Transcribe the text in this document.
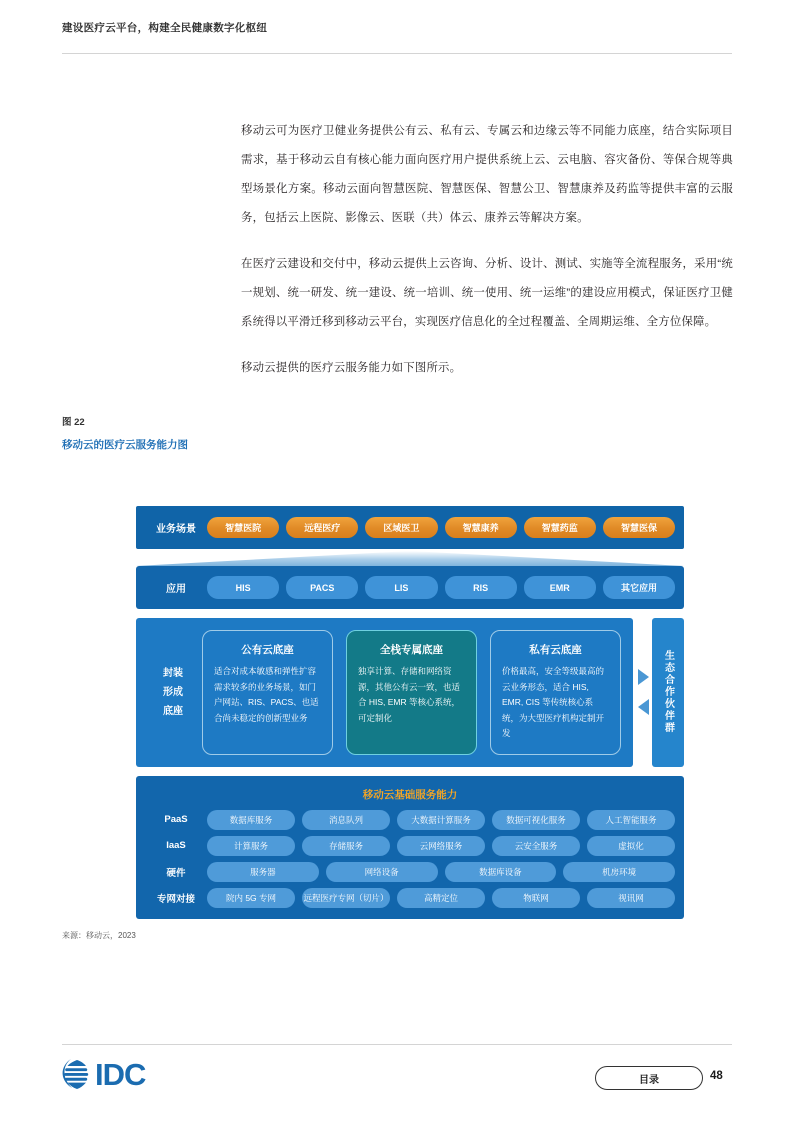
建设医疗云平台，构建全民健康数字化枢纽

移动云可为医疗卫健业务提供公有云、私有云、专属云和边缘云等不同能力底座，结合实际项目需求，基于移动云自有核心能力面向医疗用户提供系统上云、云电脑、容灾备份、等保合规等典型场景化方案。移动云面向智慧医院、智慧医保、智慧公卫、智慧康养及药监等提供丰富的云服务，包括云上医院、影像云、医联（共）体云、康养云等解决方案。

在医疗云建设和交付中，移动云提供上云咨询、分析、设计、测试、实施等全流程服务，采用“统一规划、统一研发、统一建设、统一培训、统一使用、统一运维”的建设应用模式，保证医疗卫健系统得以平滑迁移到移动云平台，实现医疗信息化的全过程覆盖、全周期运维、全方位保障。

移动云提供的医疗云服务能力如下图所示。

图 22
移动云的医疗云服务能力图
业务场景	智慧医院	远程医疗	区域医卫	智慧康养	智慧药监	智慧医保
应用	HIS	PACS	LIS	RIS	EMR	其它应用
封装
形成
底座
公有云底座
适合对成本敏感和弹性扩容需求较多的业务场景，如门户网站、RIS、PACS、也适合尚未稳定的创新型业务
全栈专属底座
独享计算、存储和网络资源，其他公有云一致，也适合 HIS, EMR 等核心系统，可定制化
私有云底座
价格最高，安全等级最高的云业务形态，适合 HIS, EMR, CIS 等传统核心系统，为大型医疗机构定制开发	生态合作伙伴群
移动云基础服务能力
PaaS	数据库服务	消息队列	大数据计算服务	数据可视化服务	人工智能服务
IaaS	计算服务	存储服务	云网络服务	云安全服务	虚拟化
硬件	服务器	网络设备	数据库设备	机房环境
专网对接	院内 5G 专网	远程医疗专网（切片）	高精定位	物联网	视讯网
来源：移动云，2023
IDC	目录	48
